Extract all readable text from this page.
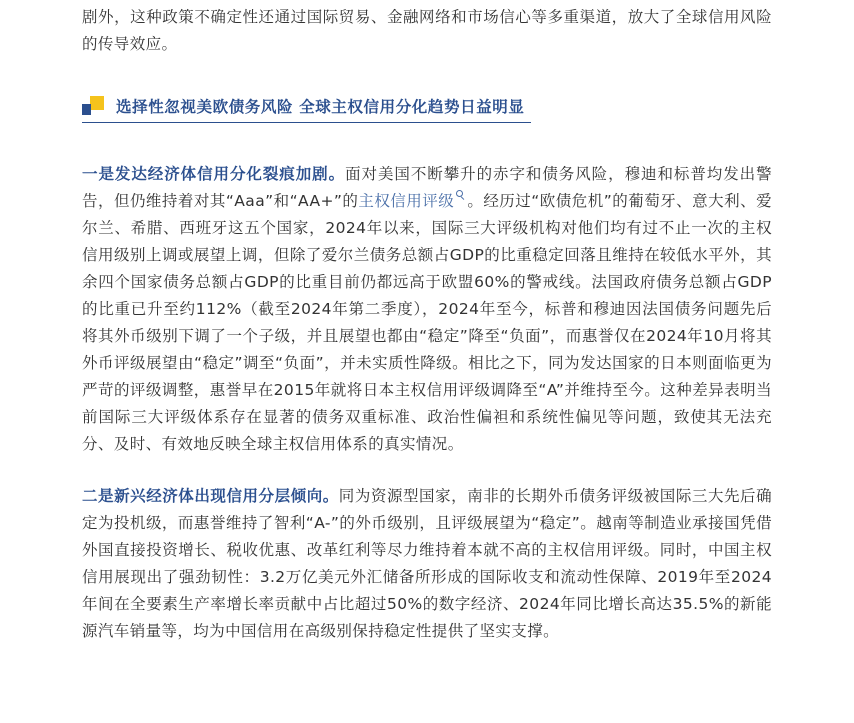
剧外，这种政策不确定性还通过国际贸易、金融网络和市场信心等多重渠道，放大了全球信用风险的传导效应。

选择性忽视美欧债务风险 全球主权信用分化趋势日益明显

一是发达经济体信用分化裂痕加剧。面对美国不断攀升的赤字和债务风险，穆迪和标普均发出警告，但仍维持着对其“Aaa”和“AA+”的主权信用评级 。经历过“欧债危机”的葡萄牙、意大利、爱尔兰、希腊、西班牙这五个国家，2024年以来，国际三大评级机构对他们均有过不止一次的主权信用级别上调或展望上调，但除了爱尔兰债务总额占GDP的比重稳定回落且维持在较低水平外，其余四个国家债务总额占GDP的比重目前仍都远高于欧盟60%的警戒线。法国政府债务总额占GDP的比重已升至约112%（截至2024年第二季度），2024年至今，标普和穆迪因法国债务问题先后将其外币级别下调了一个子级，并且展望也都由“稳定”降至“负面”，而惠誉仅在2024年10月将其外币评级展望由“稳定”调至“负面”，并未实质性降级。相比之下，同为发达国家的日本则面临更为严苛的评级调整，惠誉早在2015年就将日本主权信用评级调降至“A”并维持至今。这种差异表明当前国际三大评级体系存在显著的债务双重标准、政治性偏袒和系统性偏见等问题，致使其无法充分、及时、有效地反映全球主权信用体系的真实情况。

二是新兴经济体出现信用分层倾向。同为资源型国家，南非的长期外币债务评级被国际三大先后确定为投机级，而惠誉维持了智利“A-”的外币级别，且评级展望为“稳定”。越南等制造业承接国凭借外国直接投资增长、税收优惠、改革红利等尽力维持着本就不高的主权信用评级。同时，中国主权信用展现出了强劲韧性：3.2万亿美元外汇储备所形成的国际收支和流动性保障、2019年至2024年间在全要素生产率增长率贡献中占比超过50%的数字经济、2024年同比增长高达35.5%的新能源汽车销量等，均为中国信用在高级别保持稳定性提供了坚实支撑。
